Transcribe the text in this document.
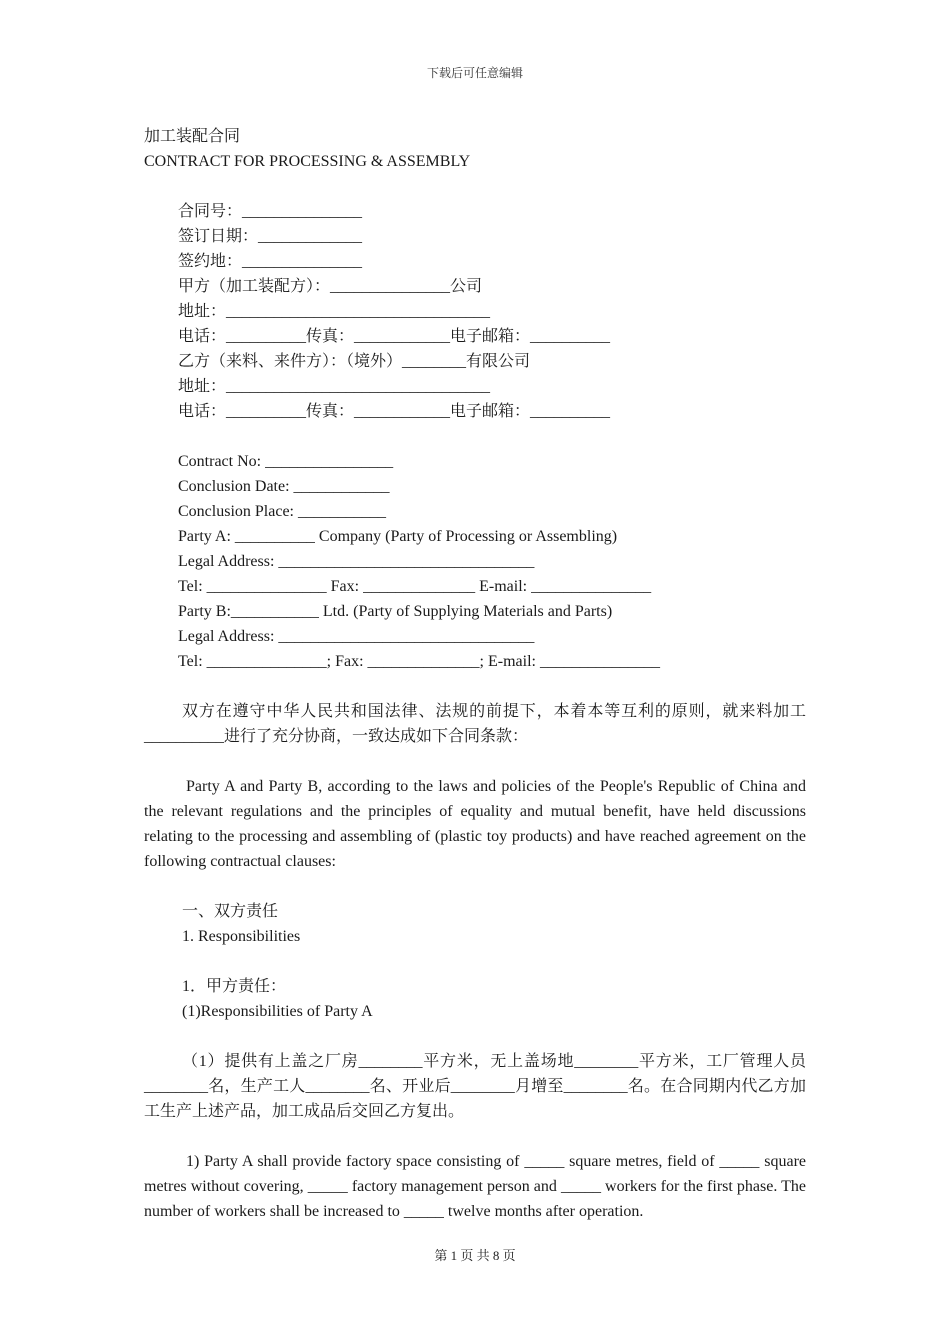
下载后可任意编辑
加工装配合同
CONTRACT FOR PROCESSING & ASSEMBLY
合同号：_______________
签订日期：_____________
签约地：_______________
甲方（加工装配方）：_______________公司
地址：_________________________________
电话：__________传真：____________电子邮箱：__________
乙方（来料、来件方）：（境外）________有限公司
地址：_________________________________
电话：__________传真：____________电子邮箱：__________
Contract No: ________________
Conclusion Date: ____________
Conclusion Place: ___________
Party A: __________ Company (Party of Processing or Assembling)
Legal Address: ________________________________
Tel: _______________ Fax: ______________ E-mail: _______________
Party B:___________ Ltd. (Party of Supplying Materials and Parts)
Legal Address: ________________________________
Tel: _______________; Fax: ______________; E-mail: _______________
双方在遵守中华人民共和国法律、法规的前提下，本着本等互利的原则，就来料加工__________进行了充分协商，一致达成如下合同条款：
Party A and Party B, according to the laws and policies of the People's Republic of China and the relevant regulations and the principles of equality and mutual benefit, have held discussions relating to the processing and assembling of (plastic toy products) and have reached agreement on the following contractual clauses:
一、双方责任
1. Responsibilities
1．甲方责任：
(1)Responsibilities of Party A
（1）提供有上盖之厂房________平方米，无上盖场地________平方米，工厂管理人员________名，生产工人________名、开业后________月增至________名。在合同期内代乙方加工生产上述产品，加工成品后交回乙方复出。
1) Party A shall provide factory space consisting of _____ square metres, field of _____ square metres without covering, _____ factory management person and _____ workers for the first phase. The number of workers shall be increased to _____ twelve months after operation.
第 1 页 共 8 页
